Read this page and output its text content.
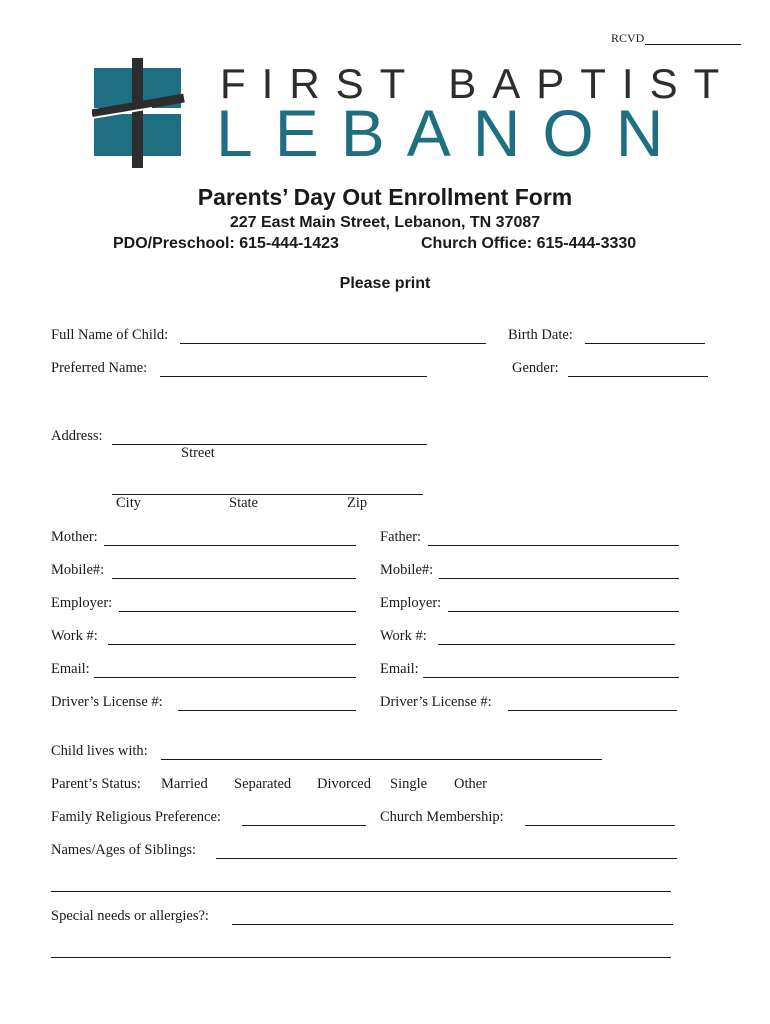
RCVD
FIRST BAPTIST
LEBANON
Parents’ Day Out Enrollment Form
227 East Main Street, Lebanon, TN 37087
PDO/Preschool: 615-444-1423	Church Office: 615-444-3330
Please print
Full Name of Child:	Birth Date:
Preferred Name:	Gender:
Address:
Street
City	State	Zip
Mother:	Father:
Mobile#:	Mobile#:
Employer:	Employer:
Work #:	Work #:
Email:	Email:
Driver’s License #:	Driver’s License #:
Child lives with:
Parent’s Status: Married Separated Divorced Single Other
Family Religious Preference:	Church Membership:
Names/Ages of Siblings:
Special needs or allergies?:
